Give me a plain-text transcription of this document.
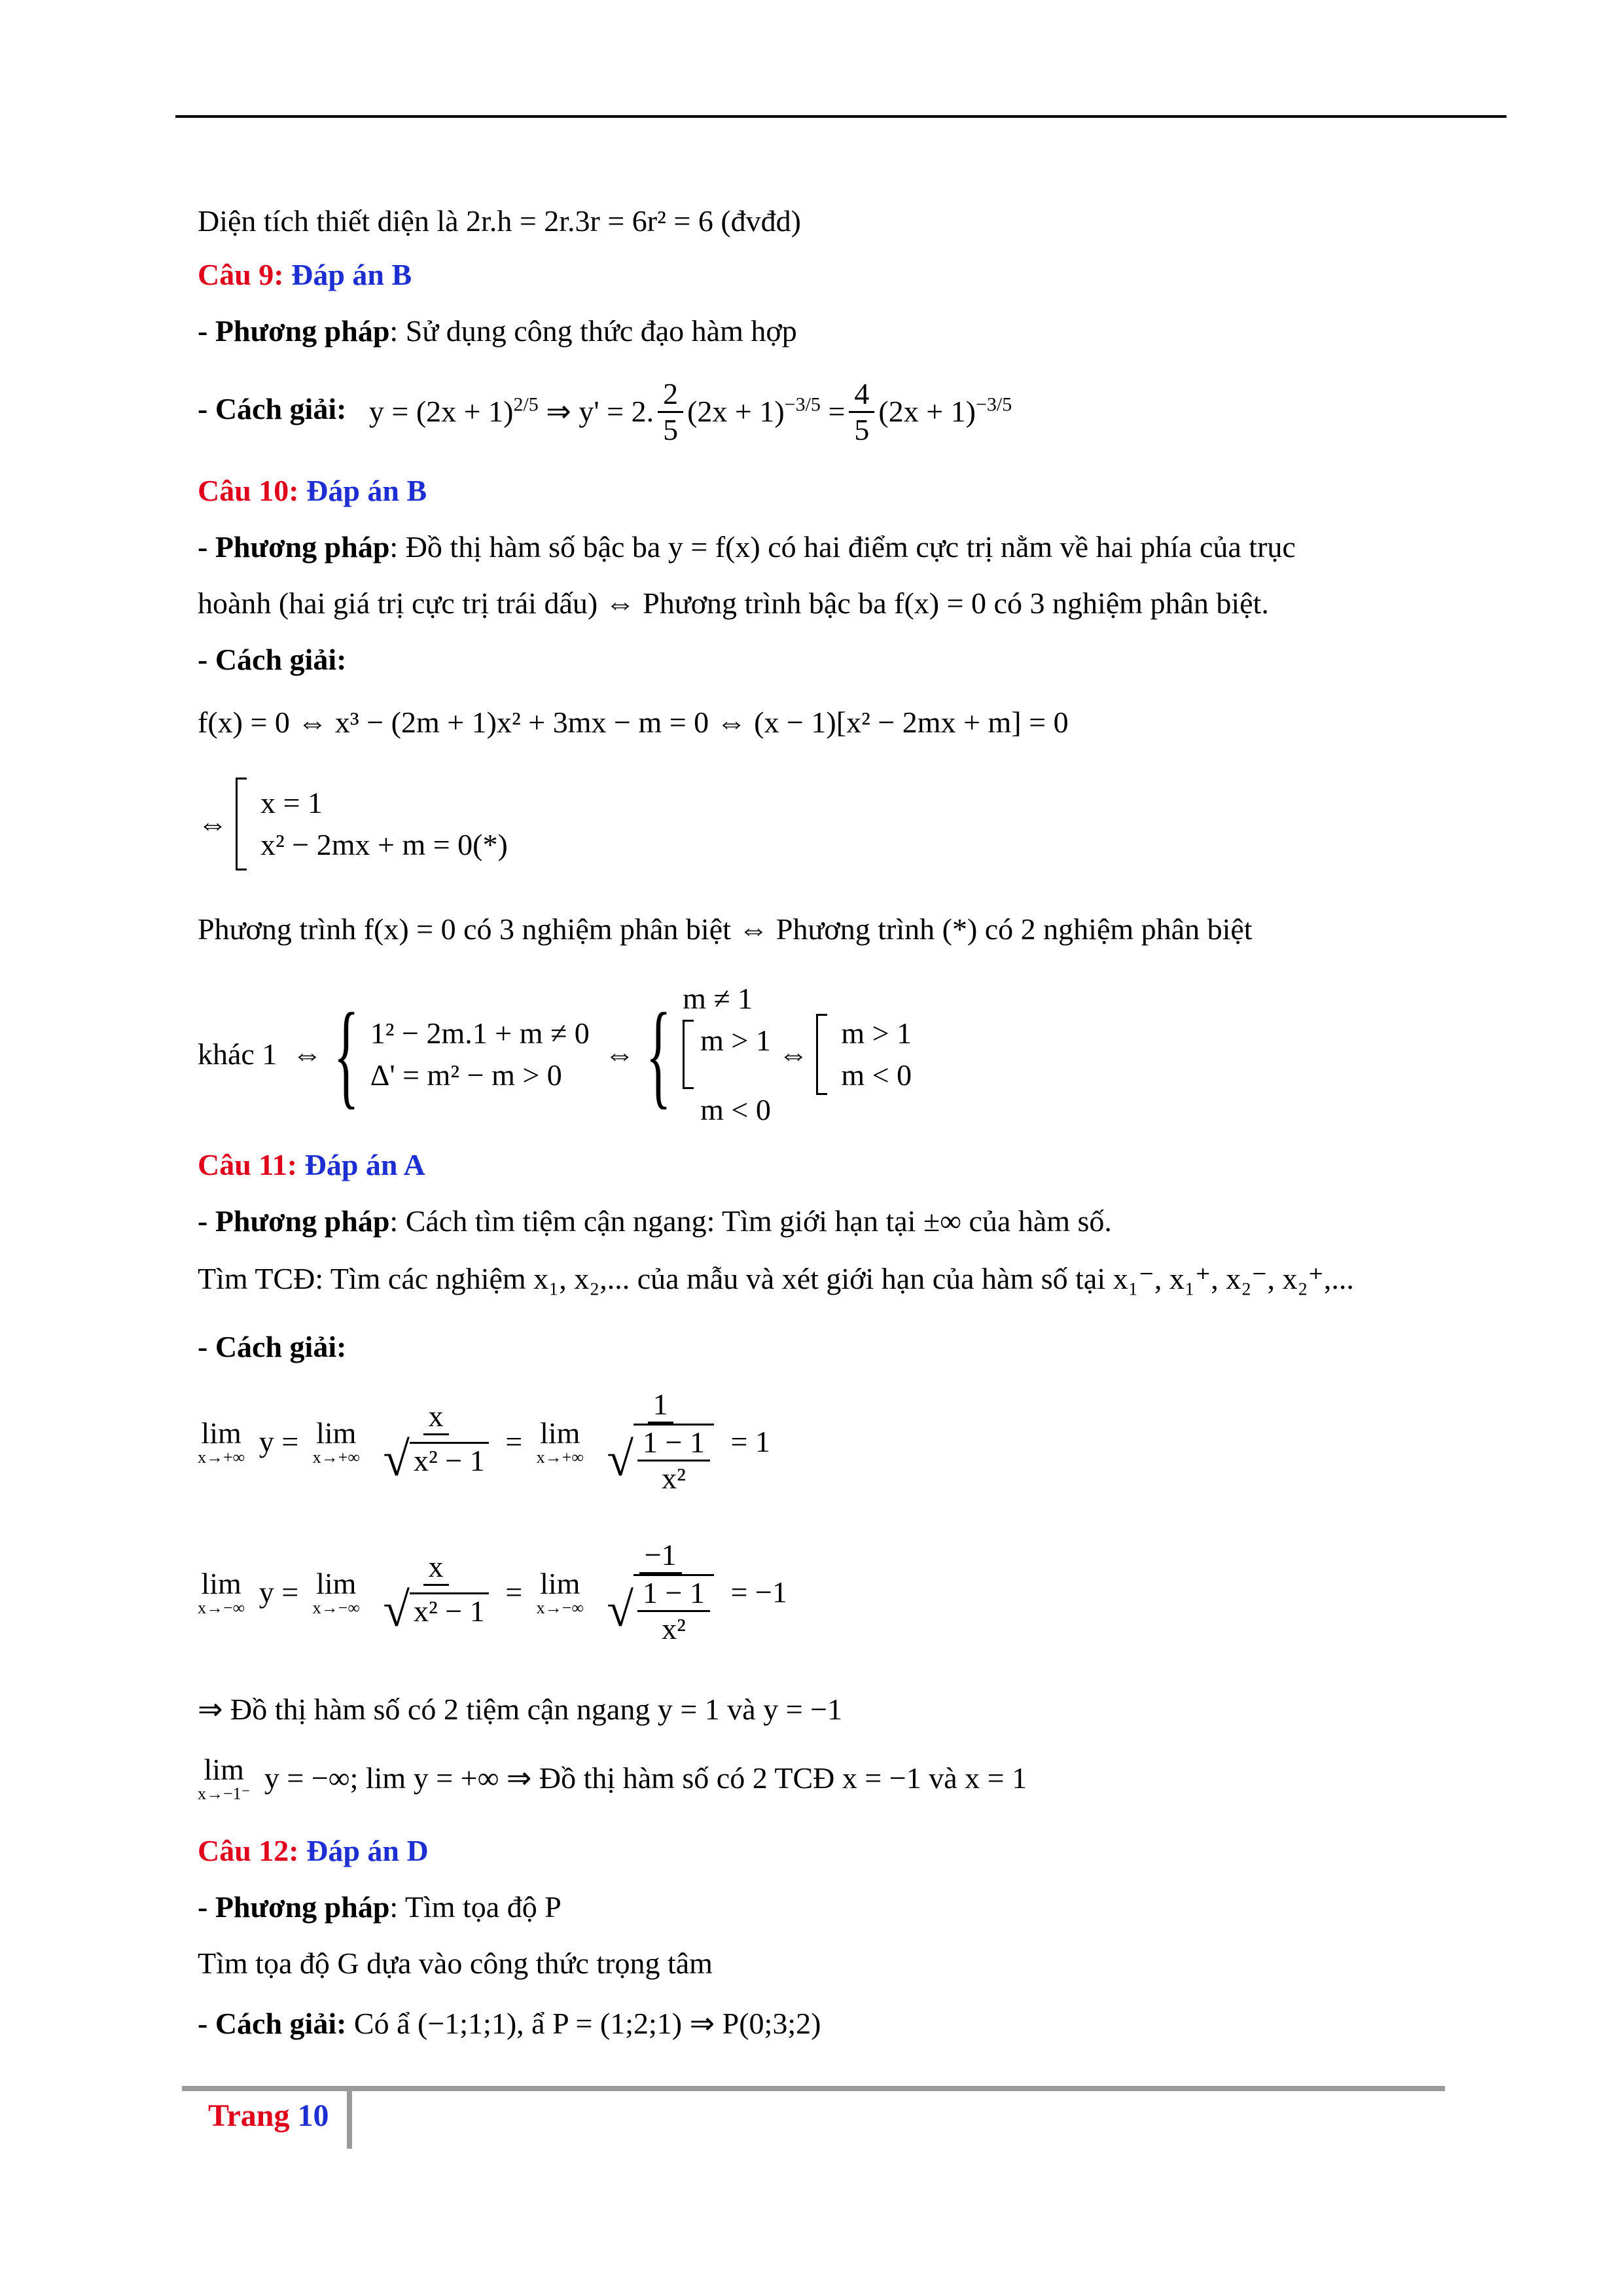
Diện tích thiết diện là 2r.h = 2r.3r = 6r² = 6 (đvđd)
Câu 9: Đáp án B
- Phương pháp: Sử dụng công thức đạo hàm hợp
- Cách giải:   $y = (2x + 1)^{2/5}$ ⇒ y' = 2. $\frac{2}{5} (2x + 1)^{-3/5} = \frac{4}{5} (2x + 1)^{-3/5}$
Câu 10: Đáp án B
- Phương pháp: Đồ thị hàm số bậc ba y = f(x) có hai điểm cực trị nằm về hai phía của trục
hoành (hai giá trị cực trị trái dấu) ⇔ Phương trình bậc ba f(x) = 0 có 3 nghiệm phân biệt.
- Cách giải:
f(x) = 0 ⇔ x³ − (2m + 1)x² + 3mx − m = 0 ⇔ (x − 1)[x² − 2mx + m] = 0
⇔
x = 1
x² − 2mx + m = 0(*)
Phương trình f(x) = 0 có 3 nghiệm phân biệt ⇔ Phương trình (*) có 2 nghiệm phân biệt
khác 1  ⇔ { 1² − 2m.1 + m ≠ 0
Δ' = m² − m > 0
⇔ { m ≠ 1
m > 1
m < 0
⇔
m > 1
m < 0
Câu 11: Đáp án A
- Phương pháp: Cách tìm tiệm cận ngang: Tìm giới hạn tại ±∞ của hàm số.
Tìm TCĐ: Tìm các nghiệm x₁, x₂,... của mẫu và xét giới hạn của hàm số tại x₁⁻, x₁⁺, x₂⁻, x₂⁺,...
- Cách giải:
lim
x→+∞ y = lim
x→+∞
$\frac{x}{\text{√ x² − 1}} = \lim$
x→+∞
$\frac{1}{√ \frac{1 - 1}{\text{x²}}} = 1$
lim
x→−∞ y = lim
x→−∞
$\frac{x}{\text{√ x² − 1}} = \lim$
x→−∞
$\frac{-1}{√ \frac{1 - 1}{\text{x²}}} = -1$
⇒ Đồ thị hàm số có 2 tiệm cận ngang y = 1 và y = −1
lim
x→−1⁻ y = −∞; lim y = +∞ ⇒ Đồ thị hàm số có 2 TCĐ x = −1 và x = 1
Câu 12: Đáp án D
- Phương pháp: Tìm tọa độ P
Tìm tọa độ G dựa vào công thức trọng tâm
- Cách giải: Có ẩ (−1;1;1), ẩ P = (1;2;1) ⇒ P(0;3;2)
Trang 10
